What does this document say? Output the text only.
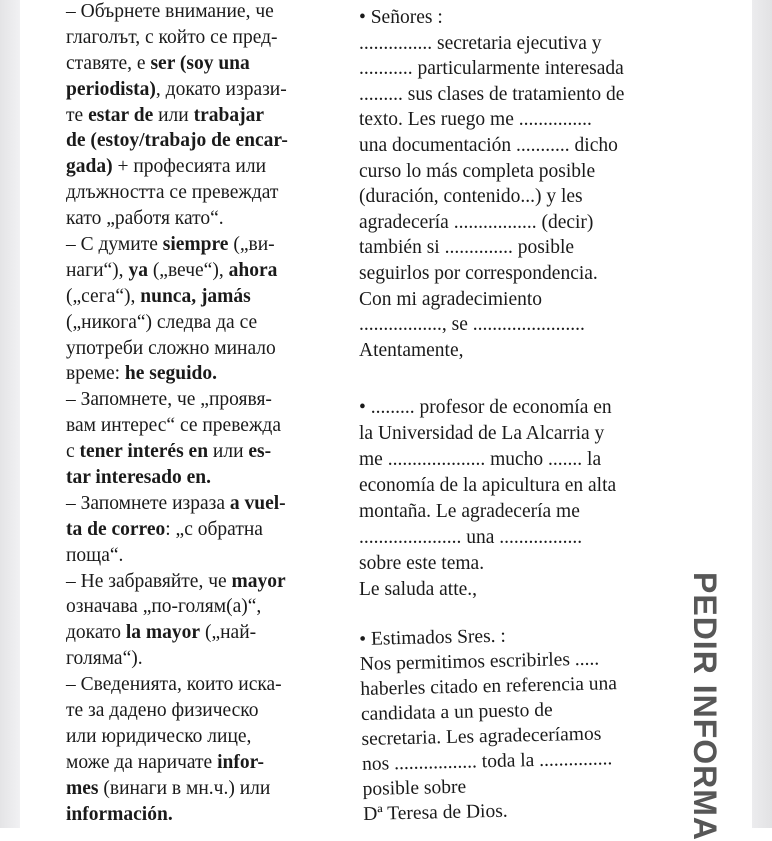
– Обърнете внимание, че
глаголът, с който се пред-
ставяте, е ser (soy una
periodista), докато изрази-
те estar de или trabajar
de (estoy/trabajo de encar-
gada) + професията или
длъжността се превеждат
като „работя като“.
– С думите siempre („ви-
наги“), ya („вече“), ahora
(„сега“), nunca, jamás
(„никога“) следва да се
употреби сложно минало
време: he seguido.
– Запомнете, че „проявя-
вам интерес“ се превежда
с tener interés en или es-
tar interesado en.
– Запомнете израза a vuel-
ta de correo: „с обратна
поща“.
– Не забравяйте, че mayor
означава „по-голям(а)“,
докато la mayor („най-
голяма“).
– Сведенията, които иска-
те за дадено физическо
или юридическо лице,
може да наричате infor-
mes (винаги в мн.ч.) или
información.
• Señores :
............... secretaria ejecutiva y
........... particularmente interesada
......... sus clases de tratamiento de
texto. Les ruego me ...............
una documentación ........... dicho
curso lo más completa posible
(duración, contenido...) y les
agradecería ................. (decir)
también si .............. posible
seguirlos por correspondencia.
Con mi agradecimiento
................., se .......................
Atentamente,
• ......... profesor de economía en
la Universidad de La Alcarria y
me .................... mucho ....... la
economía de la apicultura en alta
montaña. Le agradecería me
..................... una .................
sobre este tema.
Le saluda atte.,
• Estimados Sres. :
Nos permitimos escribirles .....
haberles citado en referencia una
candidata a un puesto de
secretaria. Les agradeceríamos
nos ................. toda la ...............
posible sobre
Dª Teresa de Dios.	PEDIR INFORMA
